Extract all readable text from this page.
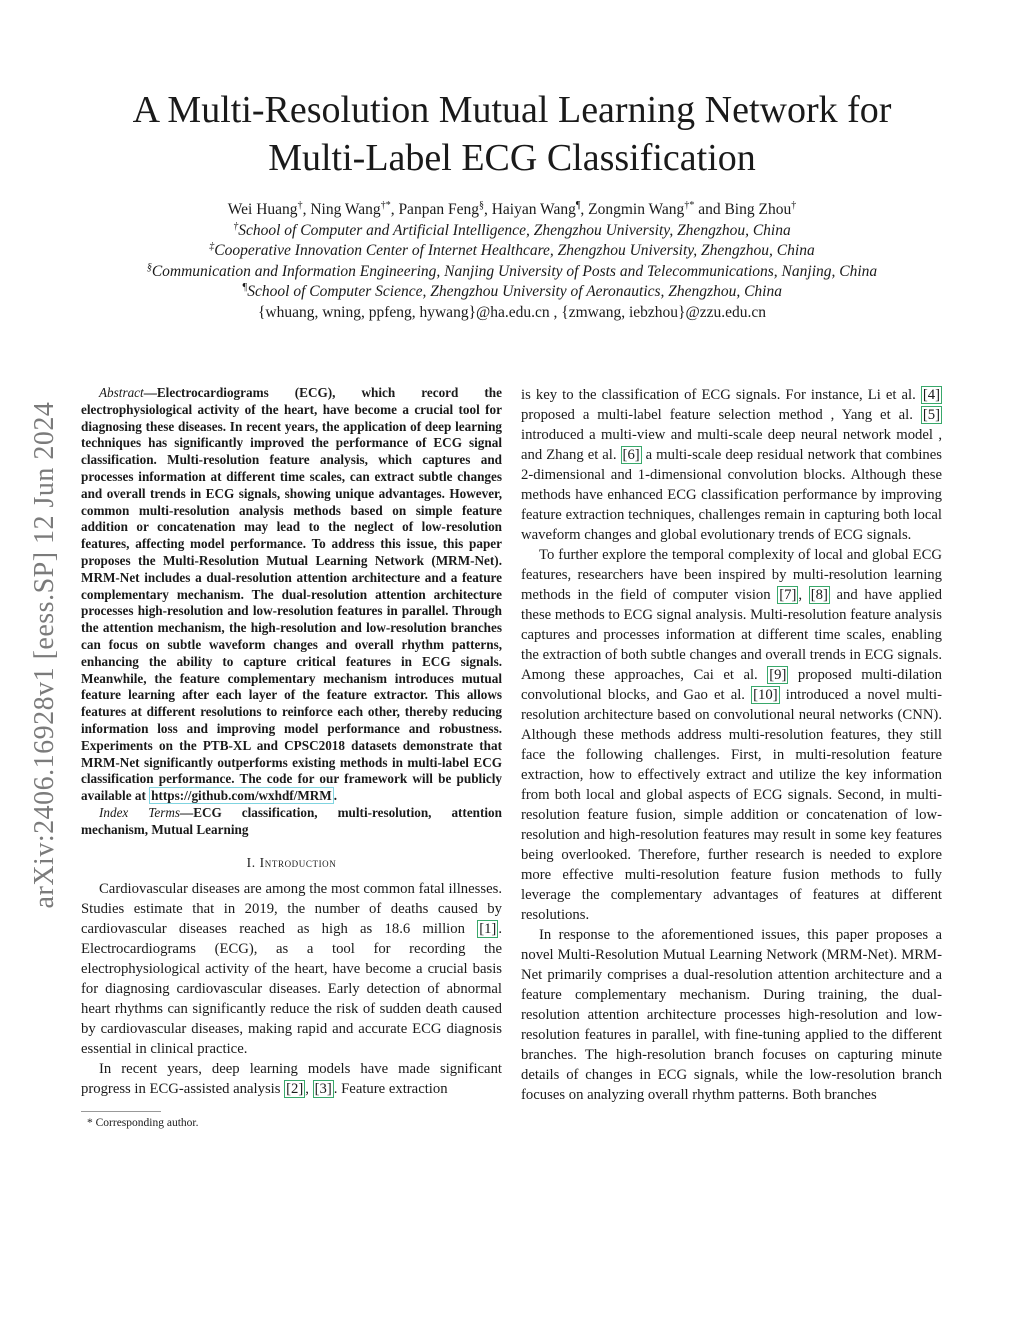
arXiv:2406.16928v1 [eess.SP] 12 Jun 2024
A Multi-Resolution Mutual Learning Network for
Multi-Label ECG Classification
Wei Huang†, Ning Wang†*, Panpan Feng§, Haiyan Wang¶, Zongmin Wang†* and Bing Zhou†
†School of Computer and Artificial Intelligence, Zhengzhou University, Zhengzhou, China
‡Cooperative Innovation Center of Internet Healthcare, Zhengzhou University, Zhengzhou, China
§Communication and Information Engineering, Nanjing University of Posts and Telecommunications, Nanjing, China
¶School of Computer Science, Zhengzhou University of Aeronautics, Zhengzhou, China
{whuang, wning, ppfeng, hywang}@ha.edu.cn , {zmwang, iebzhou}@zzu.edu.cn

Abstract—Electrocardiograms (ECG), which record the electrophysiological activity of the heart, have become a crucial tool for diagnosing these diseases. In recent years, the application of deep learning techniques has significantly improved the performance of ECG signal classification. Multi-resolution feature analysis, which captures and processes information at different time scales, can extract subtle changes and overall trends in ECG signals, showing unique advantages. However, common multi-resolution analysis methods based on simple feature addition or concatenation may lead to the neglect of low-resolution features, affecting model performance. To address this issue, this paper proposes the Multi-Resolution Mutual Learning Network (MRM-Net). MRM-Net includes a dual-resolution attention architecture and a feature complementary mechanism. The dual-resolution attention architecture processes high-resolution and low-resolution features in parallel. Through the attention mechanism, the high-resolution and low-resolution branches can focus on subtle waveform changes and overall rhythm patterns, enhancing the ability to capture critical features in ECG signals. Meanwhile, the feature complementary mechanism introduces mutual feature learning after each layer of the feature extractor. This allows features at different resolutions to reinforce each other, thereby reducing information loss and improving model performance and robustness. Experiments on the PTB-XL and CPSC2018 datasets demonstrate that MRM-Net significantly outperforms existing methods in multi-label ECG classification performance. The code for our framework will be publicly available at https://github.com/wxhdf/MRM .

Index Terms—ECG classification, multi-resolution, attention mechanism, Mutual Learning

I. Introduction

Cardiovascular diseases are among the most common fatal illnesses. Studies estimate that in 2019, the number of deaths caused by cardiovascular diseases reached as high as 18.6 million [1] . Electrocardiograms (ECG), as a tool for recording the electrophysiological activity of the heart, have become a crucial basis for diagnosing cardiovascular diseases. Early detection of abnormal heart rhythms can significantly reduce the risk of sudden death caused by cardiovascular diseases, making rapid and accurate ECG diagnosis essential in clinical practice.

In recent years, deep learning models have made significant progress in ECG-assisted analysis [2] , [3] . Feature extraction

* Corresponding author.

is key to the classification of ECG signals. For instance, Li et al. [4] proposed a multi-label feature selection method , Yang et al. [5] introduced a multi-view and multi-scale deep neural network model , and Zhang et al. [6] a multi-scale deep residual network that combines 2-dimensional and 1-dimensional convolution blocks. Although these methods have enhanced ECG classification performance by improving feature extraction techniques, challenges remain in capturing both local waveform changes and global evolutionary trends of ECG signals.

To further explore the temporal complexity of local and global ECG features, researchers have been inspired by multi-resolution learning methods in the field of computer vision [7] , [8] and have applied these methods to ECG signal analysis. Multi-resolution feature analysis captures and processes information at different time scales, enabling the extraction of both subtle changes and overall trends in ECG signals. Among these approaches, Cai et al. [9] proposed multi-dilation convolutional blocks, and Gao et al. [10] introduced a novel multi-resolution architecture based on convolutional neural networks (CNN). Although these methods address multi-resolution features, they still face the following challenges. First, in multi-resolution feature extraction, how to effectively extract and utilize the key information from both local and global aspects of ECG signals. Second, in multi-resolution feature fusion, simple addition or concatenation of low-resolution and high-resolution features may result in some key features being overlooked. Therefore, further research is needed to explore more effective multi-resolution feature fusion methods to fully leverage the complementary advantages of features at different resolutions.

In response to the aforementioned issues, this paper proposes a novel Multi-Resolution Mutual Learning Network (MRM-Net). MRM-Net primarily comprises a dual-resolution attention architecture and a feature complementary mechanism. During training, the dual-resolution attention architecture processes high-resolution and low-resolution features in parallel, with fine-tuning applied to the different branches. The high-resolution branch focuses on capturing minute details of changes in ECG signals, while the low-resolution branch focuses on analyzing overall rhythm patterns. Both branches
